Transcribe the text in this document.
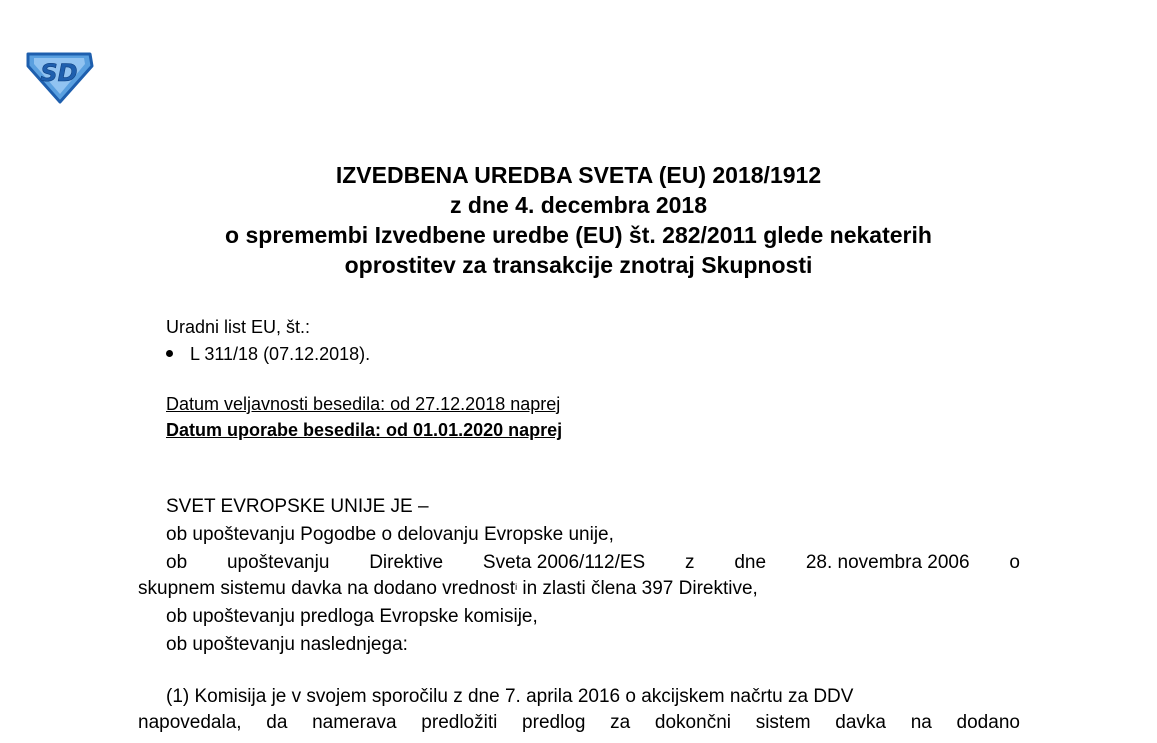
SD
IZVEDBENA UREDBA SVETA (EU) 2018/1912
z dne 4. decembra 2018
o spremembi Izvedbene uredbe (EU) št. 282/2011 glede nekaterih
oprostitev za transakcije znotraj Skupnosti
Uradni list EU, št.:
L 311/18 (07.12.2018).
Datum veljavnosti besedila: od 27.12.2018 naprej
Datum uporabe besedila: od 01.01.2020 naprej
SVET EVROPSKE UNIJE JE –
ob upoštevanju Pogodbe o delovanju Evropske unije,
ob upoštevanju Direktive Sveta 2006/112/ES z dne 28. novembra 2006 o
skupnem sistemu davka na dodano vrednost$^i$ in zlasti člena 397 Direktive,
ob upoštevanju predloga Evropske komisije,
ob upoštevanju naslednjega:
(1) Komisija je v svojem sporočilu z dne 7. aprila 2016 o akcijskem načrtu za DDV
napovedala, da namerava predložiti predlog za dokončni sistem davka na dodano
